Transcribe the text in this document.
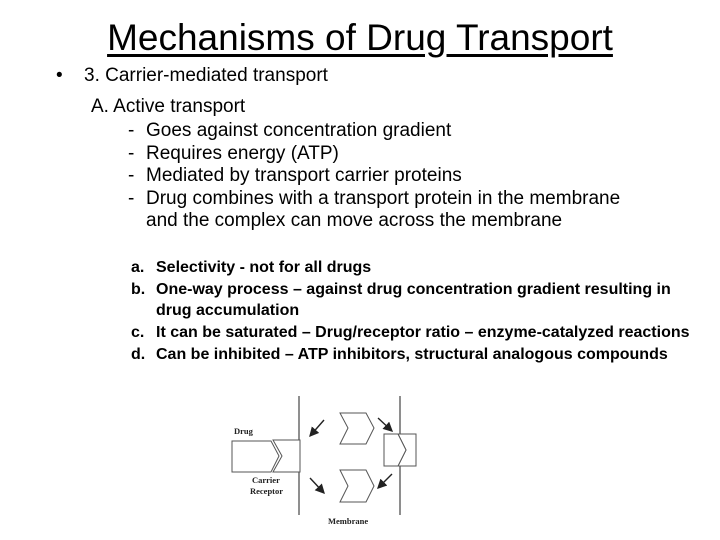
Mechanisms of Drug Transport
• 3. Carrier-mediated transport
A. Active transport
- Goes against concentration gradient
- Requires energy (ATP)
- Mediated by transport carrier proteins
- Drug combines with a transport protein in the membrane and the complex can move across the membrane
a. Selectivity - not for all drugs
b. One-way process – against drug concentration gradient resulting in drug accumulation
c. It can be saturated – Drug/receptor ratio – enzyme-catalyzed reactions
d. Can be inhibited – ATP inhibitors, structural analogous compounds
Drug
Carrier
Receptor
Membrane
